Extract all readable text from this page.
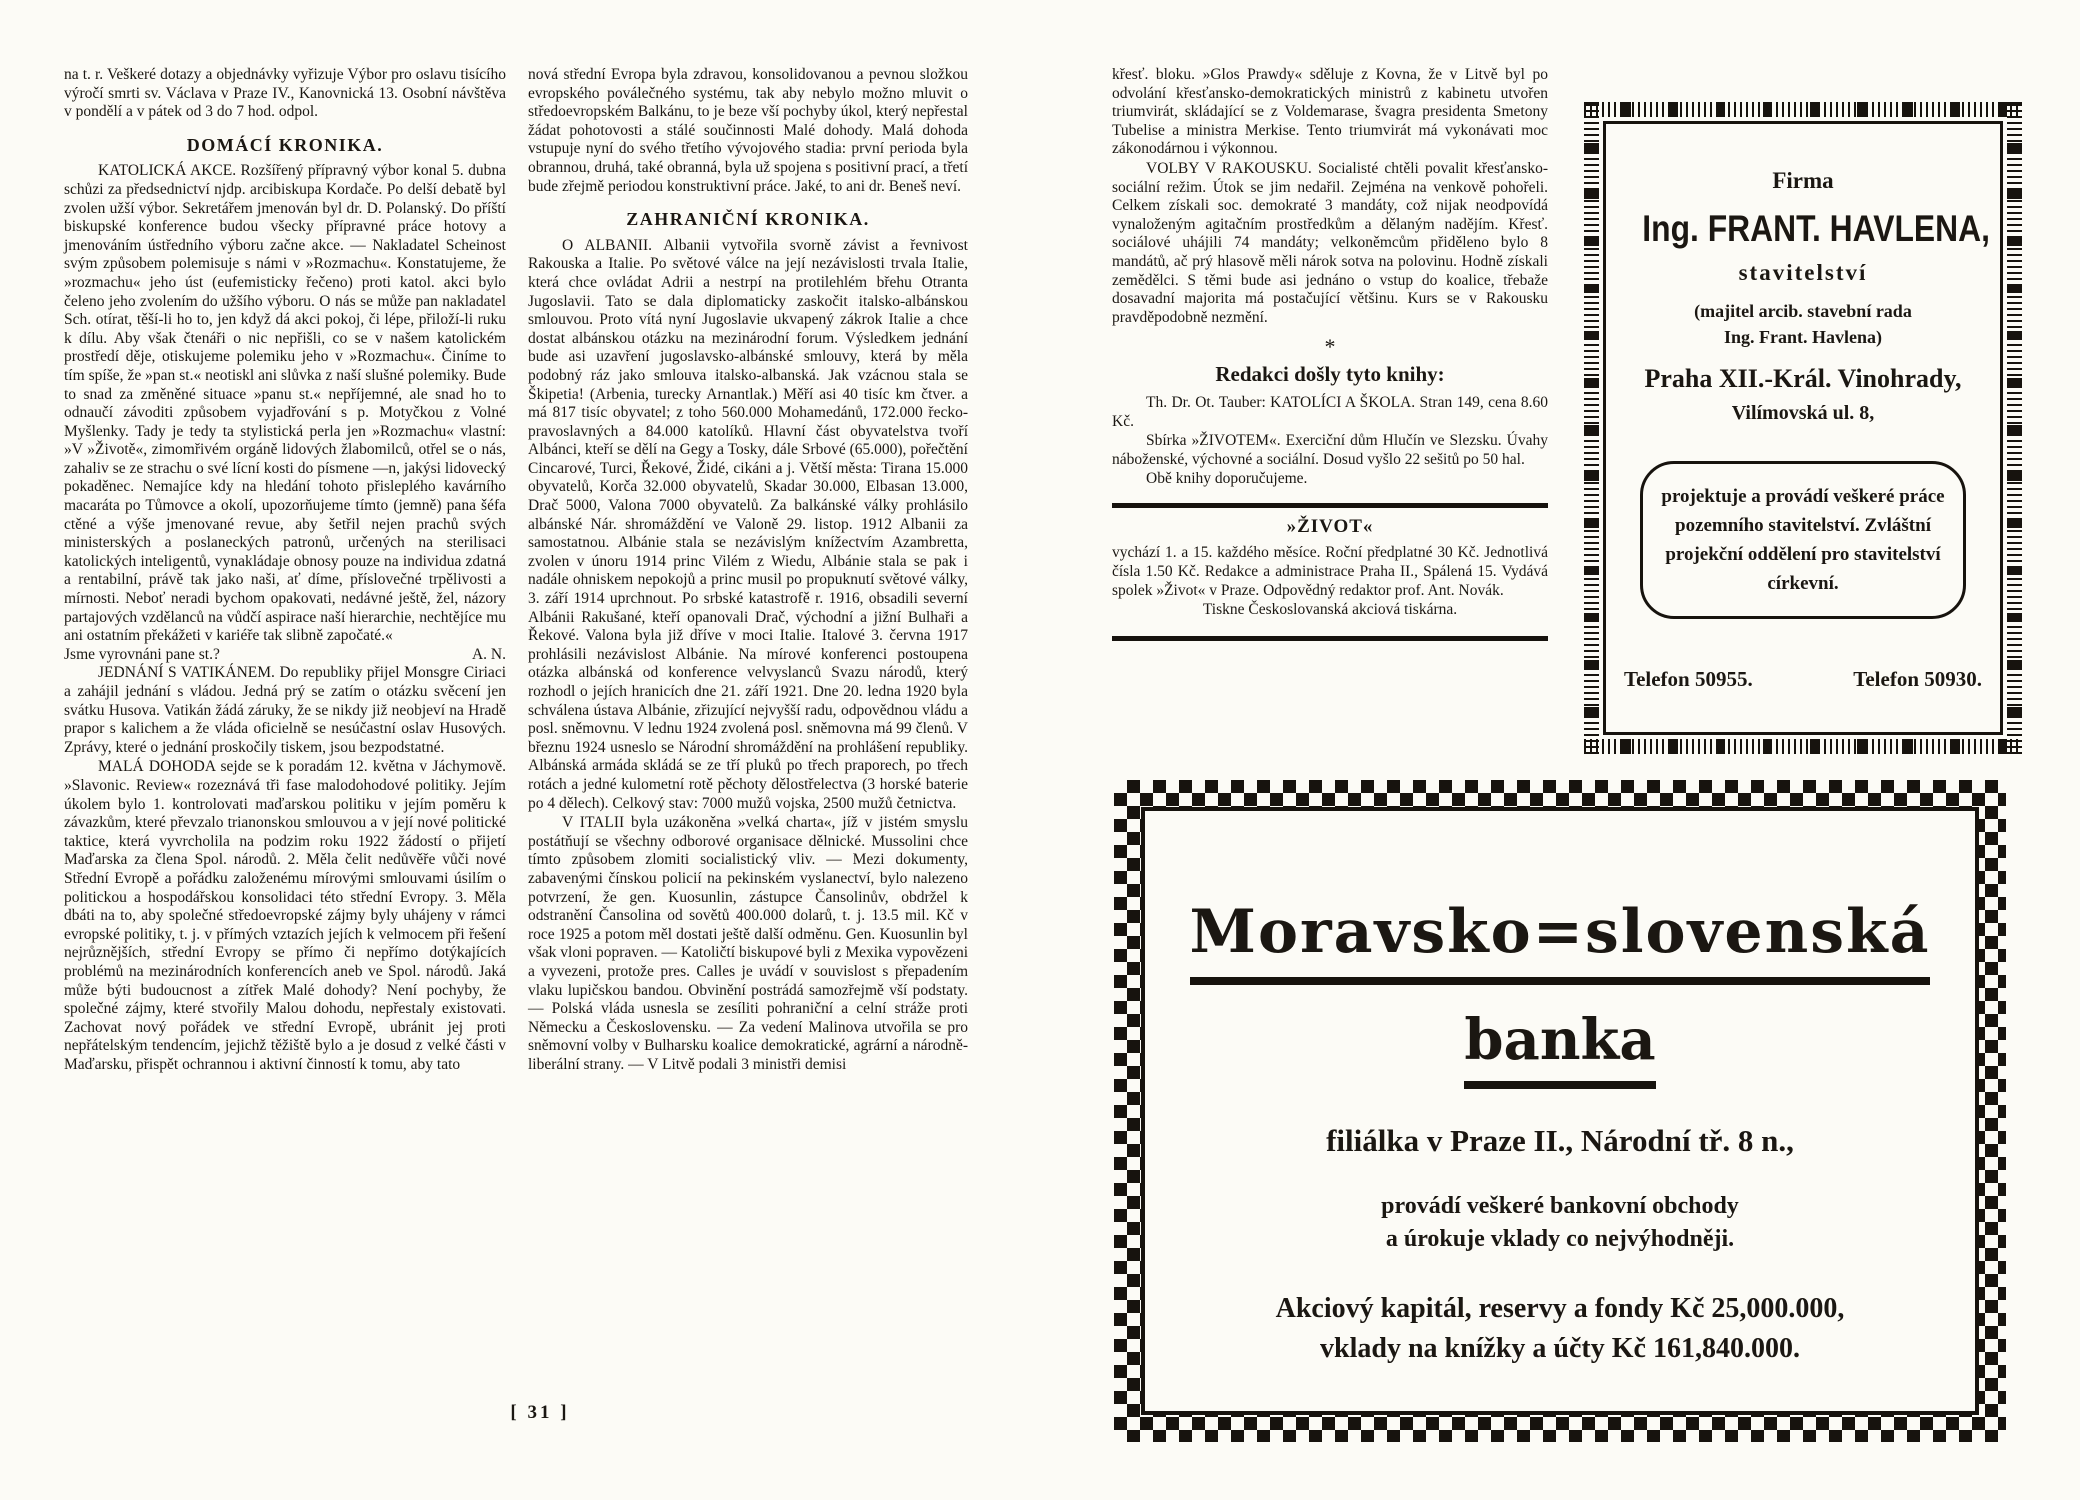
na t. r. Veškeré dotazy a objednávky vyřizuje Výbor pro oslavu tisícího výročí smrti sv. Václava v Praze IV., Kanovnická 13. Osobní návštěva v pondělí a v pátek od 3 do 7 hod. odpol.

DOMÁCÍ KRONIKA.

KATOLICKÁ AKCE. Rozšířený přípravný výbor konal 5. dubna schůzi za předsednictví njdp. arcibiskupa Kordače. Po delší debatě byl zvolen užší výbor. Sekretářem jmenován byl dr. D. Polanský. Do příští biskupské konference budou všecky přípravné práce hotovy a jmenováním ústředního výboru začne akce. — Nakladatel Scheinost svým způsobem polemisuje s námi v »Rozmachu«. Konstatujeme, že »rozmachu« jeho úst (eufemisticky řečeno) proti katol. akci bylo čeleno jeho zvolením do užšího výboru. O nás se může pan nakladatel Sch. otírat, těší-li ho to, jen když dá akci pokoj, či lépe, přiloží-li ruku k dílu. Aby však čtenáři o nic nepřišli, co se v našem katolickém prostředí děje, otiskujeme polemiku jeho v »Rozmachu«. Činíme to tím spíše, že »pan st.« neotiskl ani slůvka z naší slušné polemiky. Bude to snad za změněné situace »panu st.« nepříjemné, ale snad ho to odnaučí závoditi způsobem vyjadřování s p. Motyčkou z Volné Myšlenky. Tady je tedy ta stylistická perla jen »Rozmachu« vlastní: »V »Životě«, zimomřivém orgáně lidových žlabomilců, otřel se o nás, zahaliv se ze strachu o své lícní kosti do písmene —n, jakýsi lidovecký pokaděnec. Nemajíce kdy na hledání tohoto přisleplého kavárního macaráta po Tůmovce a okolí, upozorňujeme tímto (jemně) pana šéfa ctěné a výše jmenované revue, aby šetřil nejen prachů svých ministerských a poslaneckých patronů, určených na sterilisaci katolických inteligentů, vynakládaje obnosy pouze na individua zdatná a rentabilní, právě tak jako naši, ať díme, příslovečné trpělivosti a mírnosti. Neboť neradi bychom opakovati, nedávné ještě, žel, názory partajových vzdělanců na vůdčí aspirace naší hierarchie, nechtějíce mu ani ostatním překážeti v kariéře tak slibně započaté.«

Jsme vyrovnáni pane st.?	A. N.

JEDNÁNÍ S VATIKÁNEM. Do republiky přijel Monsgre Ciriaci a zahájil jednání s vládou. Jedná prý se zatím o otázku svěcení jen svátku Husova. Vatikán žádá záruky, že se nikdy již neobjeví na Hradě prapor s kalichem a že vláda oficielně se nesúčastní oslav Husových. Zprávy, které o jednání proskočily tiskem, jsou bezpodstatné.

MALÁ DOHODA sejde se k poradám 12. května v Jáchymově. »Slavonic. Review« rozeznává tři fase malodohodové politiky. Jejím úkolem bylo 1. kontrolovati maďarskou politiku v jejím poměru k závazkům, které převzalo trianonskou smlouvou a v její nové politické taktice, která vyvrcholila na podzim roku 1922 žádostí o přijetí Maďarska za člena Spol. národů. 2. Měla čelit nedůvěře vůči nové Střední Evropě a pořádku založenému mírovými smlouvami úsilím o politickou a hospodářskou konsolidaci této střední Evropy. 3. Měla dbáti na to, aby společné středoevropské zájmy byly uhájeny v rámci evropské politiky, t. j. v přímých vztazích jejích k velmocem při řešení nejrůznějších, střední Evropy se přímo či nepřímo dotýkajících problémů na mezinárodních konferencích aneb ve Spol. národů. Jaká může býti budoucnost a zítřek Malé dohody? Není pochyby, že společné zájmy, které stvořily Malou dohodu, nepřestaly existovati. Zachovat nový pořádek ve střední Evropě, ubránit jej proti nepřátelským tendencím, jejichž těžiště bylo a je dosud z velké části v Maďarsku, přispět ochrannou i aktivní činností k tomu, aby tato

nová střední Evropa byla zdravou, konsolidovanou a pevnou složkou evropského poválečného systému, tak aby nebylo možno mluvit o středoevropském Balkánu, to je beze vší pochyby úkol, který nepřestal žádat pohotovosti a stálé součinnosti Malé dohody. Malá dohoda vstupuje nyní do svého třetího vývojového stadia: první perioda byla obrannou, druhá, také obranná, byla už spojena s positivní prací, a třetí bude zřejmě periodou konstruktivní práce. Jaké, to ani dr. Beneš neví.

ZAHRANIČNÍ KRONIKA.

O ALBANII. Albanii vytvořila svorně závist a řevnivost Rakouska a Italie. Po světové válce na její nezávislosti trvala Italie, která chce ovládat Adrii a nestrpí na protilehlém břehu Otranta Jugoslavii. Tato se dala diplomaticky zaskočit italsko-albánskou smlouvou. Proto vítá nyní Jugoslavie ukvapený zákrok Italie a chce dostat albánskou otázku na mezinárodní forum. Výsledkem jednání bude asi uzavření jugoslavsko-albánské smlouvy, která by měla podobný ráz jako smlouva italsko-albanská. Jak vzácnou stala se Škipetia! (Arbenia, turecky Arnantlak.) Měří asi 40 tisíc km čtver. a má 817 tisíc obyvatel; z toho 560.000 Mohamedánů, 172.000 řecko-pravoslavných a 84.000 katolíků. Hlavní část obyvatelstva tvoří Albánci, kteří se dělí na Gegy a Tosky, dále Srbové (65.000), pořečtění Cincarové, Turci, Řekové, Židé, cikáni a j. Větší města: Tirana 15.000 obyvatelů, Korča 32.000 obyvatelů, Skadar 30.000, Elbasan 13.000, Drač 5000, Valona 7000 obyvatelů. Za balkánské války prohlásilo albánské Nár. shromáždění ve Valoně 29. listop. 1912 Albanii za samostatnou. Albánie stala se nezávislým knížectvím Azambretta, zvolen v únoru 1914 princ Vilém z Wiedu, Albánie stala se pak i nadále ohniskem nepokojů a princ musil po propuknutí světové války, 3. září 1914 uprchnout. Po srbské katastrofě r. 1916, obsadili severní Albánii Rakušané, kteří opanovali Drač, východní a jižní Bulhaři a Řekové. Valona byla již dříve v moci Italie. Italové 3. června 1917 prohlásili nezávislost Albánie. Na mírové konferenci postoupena otázka albánská od konference velvyslanců Svazu národů, který rozhodl o jejích hranicích dne 21. září 1921. Dne 20. ledna 1920 byla schválena ústava Albánie, zřizující nejvyšší radu, odpovědnou vládu a posl. sněmovnu. V lednu 1924 zvolená posl. sněmovna má 99 členů. V březnu 1924 usneslo se Národní shromáždění na prohlášení republiky. Albánská armáda skládá se ze tří pluků po třech praporech, po třech rotách a jedné kulometní rotě pěchoty dělostřelectva (3 horské baterie po 4 dělech). Celkový stav: 7000 mužů vojska, 2500 mužů četnictva.

V ITALII byla uzákoněna »velká charta«, jíž v jistém smyslu postátňují se všechny odborové organisace dělnické. Mussolini chce tímto způsobem zlomiti socialistický vliv. — Mezi dokumenty, zabavenými čínskou policií na pekinském vyslanectví, bylo nalezeno potvrzení, že gen. Kuosunlin, zástupce Čansolinův, obdržel k odstranění Čansolina od sovětů 400.000 dolarů, t. j. 13.5 mil. Kč v roce 1925 a potom měl dostati ještě další odměnu. Gen. Kuosunlin byl však vloni popraven. — Katoličtí biskupové byli z Mexika vypovězeni a vyvezeni, protože pres. Calles je uvádí v souvislost s přepadením vlaku lupičskou bandou. Obvinění postrádá samozřejmě vší podstaty. — Polská vláda usnesla se zesíliti pohraniční a celní stráže proti Německu a Československu. — Za vedení Malinova utvořila se pro sněmovní volby v Bulharsku koalice demokratické, agrární a národně-liberální strany. — V Litvě podali 3 ministři demisi

křesť. bloku. »Glos Prawdy« sděluje z Kovna, že v Litvě byl po odvolání křesťansko-demokratických ministrů z kabinetu utvořen triumvirát, skládající se z Voldemarase, švagra presidenta Smetony Tubelise a ministra Merkise. Tento triumvirát má vykonávati moc zákonodárnou i výkonnou.

VOLBY V RAKOUSKU. Socialisté chtěli povalit křesťansko-sociální režim. Útok se jim nedařil. Zejména na venkově pohořeli. Celkem získali soc. demokraté 3 mandáty, což nijak neodpovídá vynaloženým agitačním prostředkům a dělaným nadějím. Křesť. sociálové uhájili 74 mandáty; velkoněmcům přiděleno bylo 8 mandátů, ač prý hlasově měli nárok sotva na polovinu. Hodně získali zemědělci. S těmi bude asi jednáno o vstup do koalice, třebaže dosavadní majorita má postačující většinu. Kurs se v Rakousku pravděpodobně nezmění.

*
Redakci došly tyto knihy:

Th. Dr. Ot. Tauber: KATOLÍCI A ŠKOLA. Stran 149, cena 8.60 Kč.

Sbírka »ŽIVOTEM«. Exerciční dům Hlučín ve Slezsku. Úvahy náboženské, výchovné a sociální. Dosud vyšlo 22 sešitů po 50 hal.

Obě knihy doporučujeme.

»ŽIVOT«

vychází 1. a 15. každého měsíce. Roční předplatné 30 Kč. Jednotlivá čísla 1.50 Kč. Redakce a administrace Praha II., Spálená 15. Vydává spolek »Život« v Praze. Odpovědný redaktor prof. Ant. Novák.

Tiskne Českoslovanská akciová tiskárna.

Firma
Ing. FRANT. HAVLENA,
stavitelství
(majitel arcib. stavební rada
Ing. Frant. Havlena)
Praha XII.-Král. Vinohrady,
Vilímovská ul. 8,
projektuje a provádí veškeré práce pozemního stavitelství. Zvláštní projekční oddělení pro stavitelství církevní.
Telefon 50955.	Telefon 50930.
Moravsko=slovenská
banka
filiálka v Praze II., Národní tř. 8 n.,
provádí veškeré bankovní obchody
a úrokuje vklady co nejvýhodněji.
Akciový kapitál, reservy a fondy Kč 25,000.000,
vklady na knížky a účty Kč 161,840.000.
[ 31 ]
